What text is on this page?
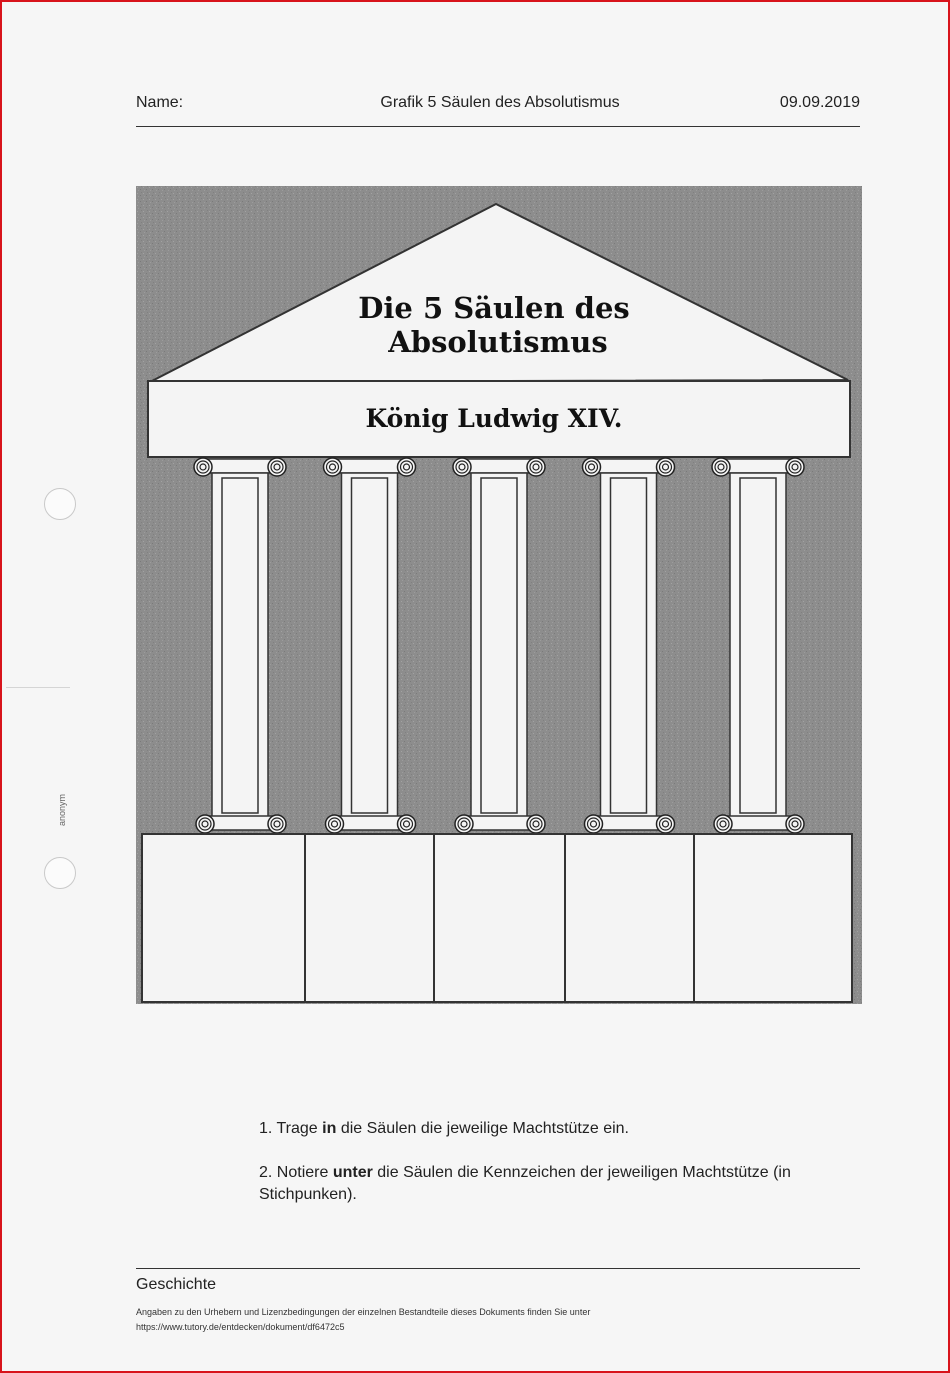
Name:	Grafik 5 Säulen des Absolutismus	09.09.2019
anonym
Die 5 Säulen des
Absolutismus
König Ludwig XIV.

1. Trage in die Säulen die jeweilige Machtstütze ein.

2. Notiere unter die Säulen die Kennzeichen der jeweiligen Machtstütze (in Stichpunken).

Geschichte
Angaben zu den Urhebern und Lizenzbedingungen der einzelnen Bestandteile dieses Dokuments finden Sie unter
https://www.tutory.de/entdecken/dokument/df6472c5
